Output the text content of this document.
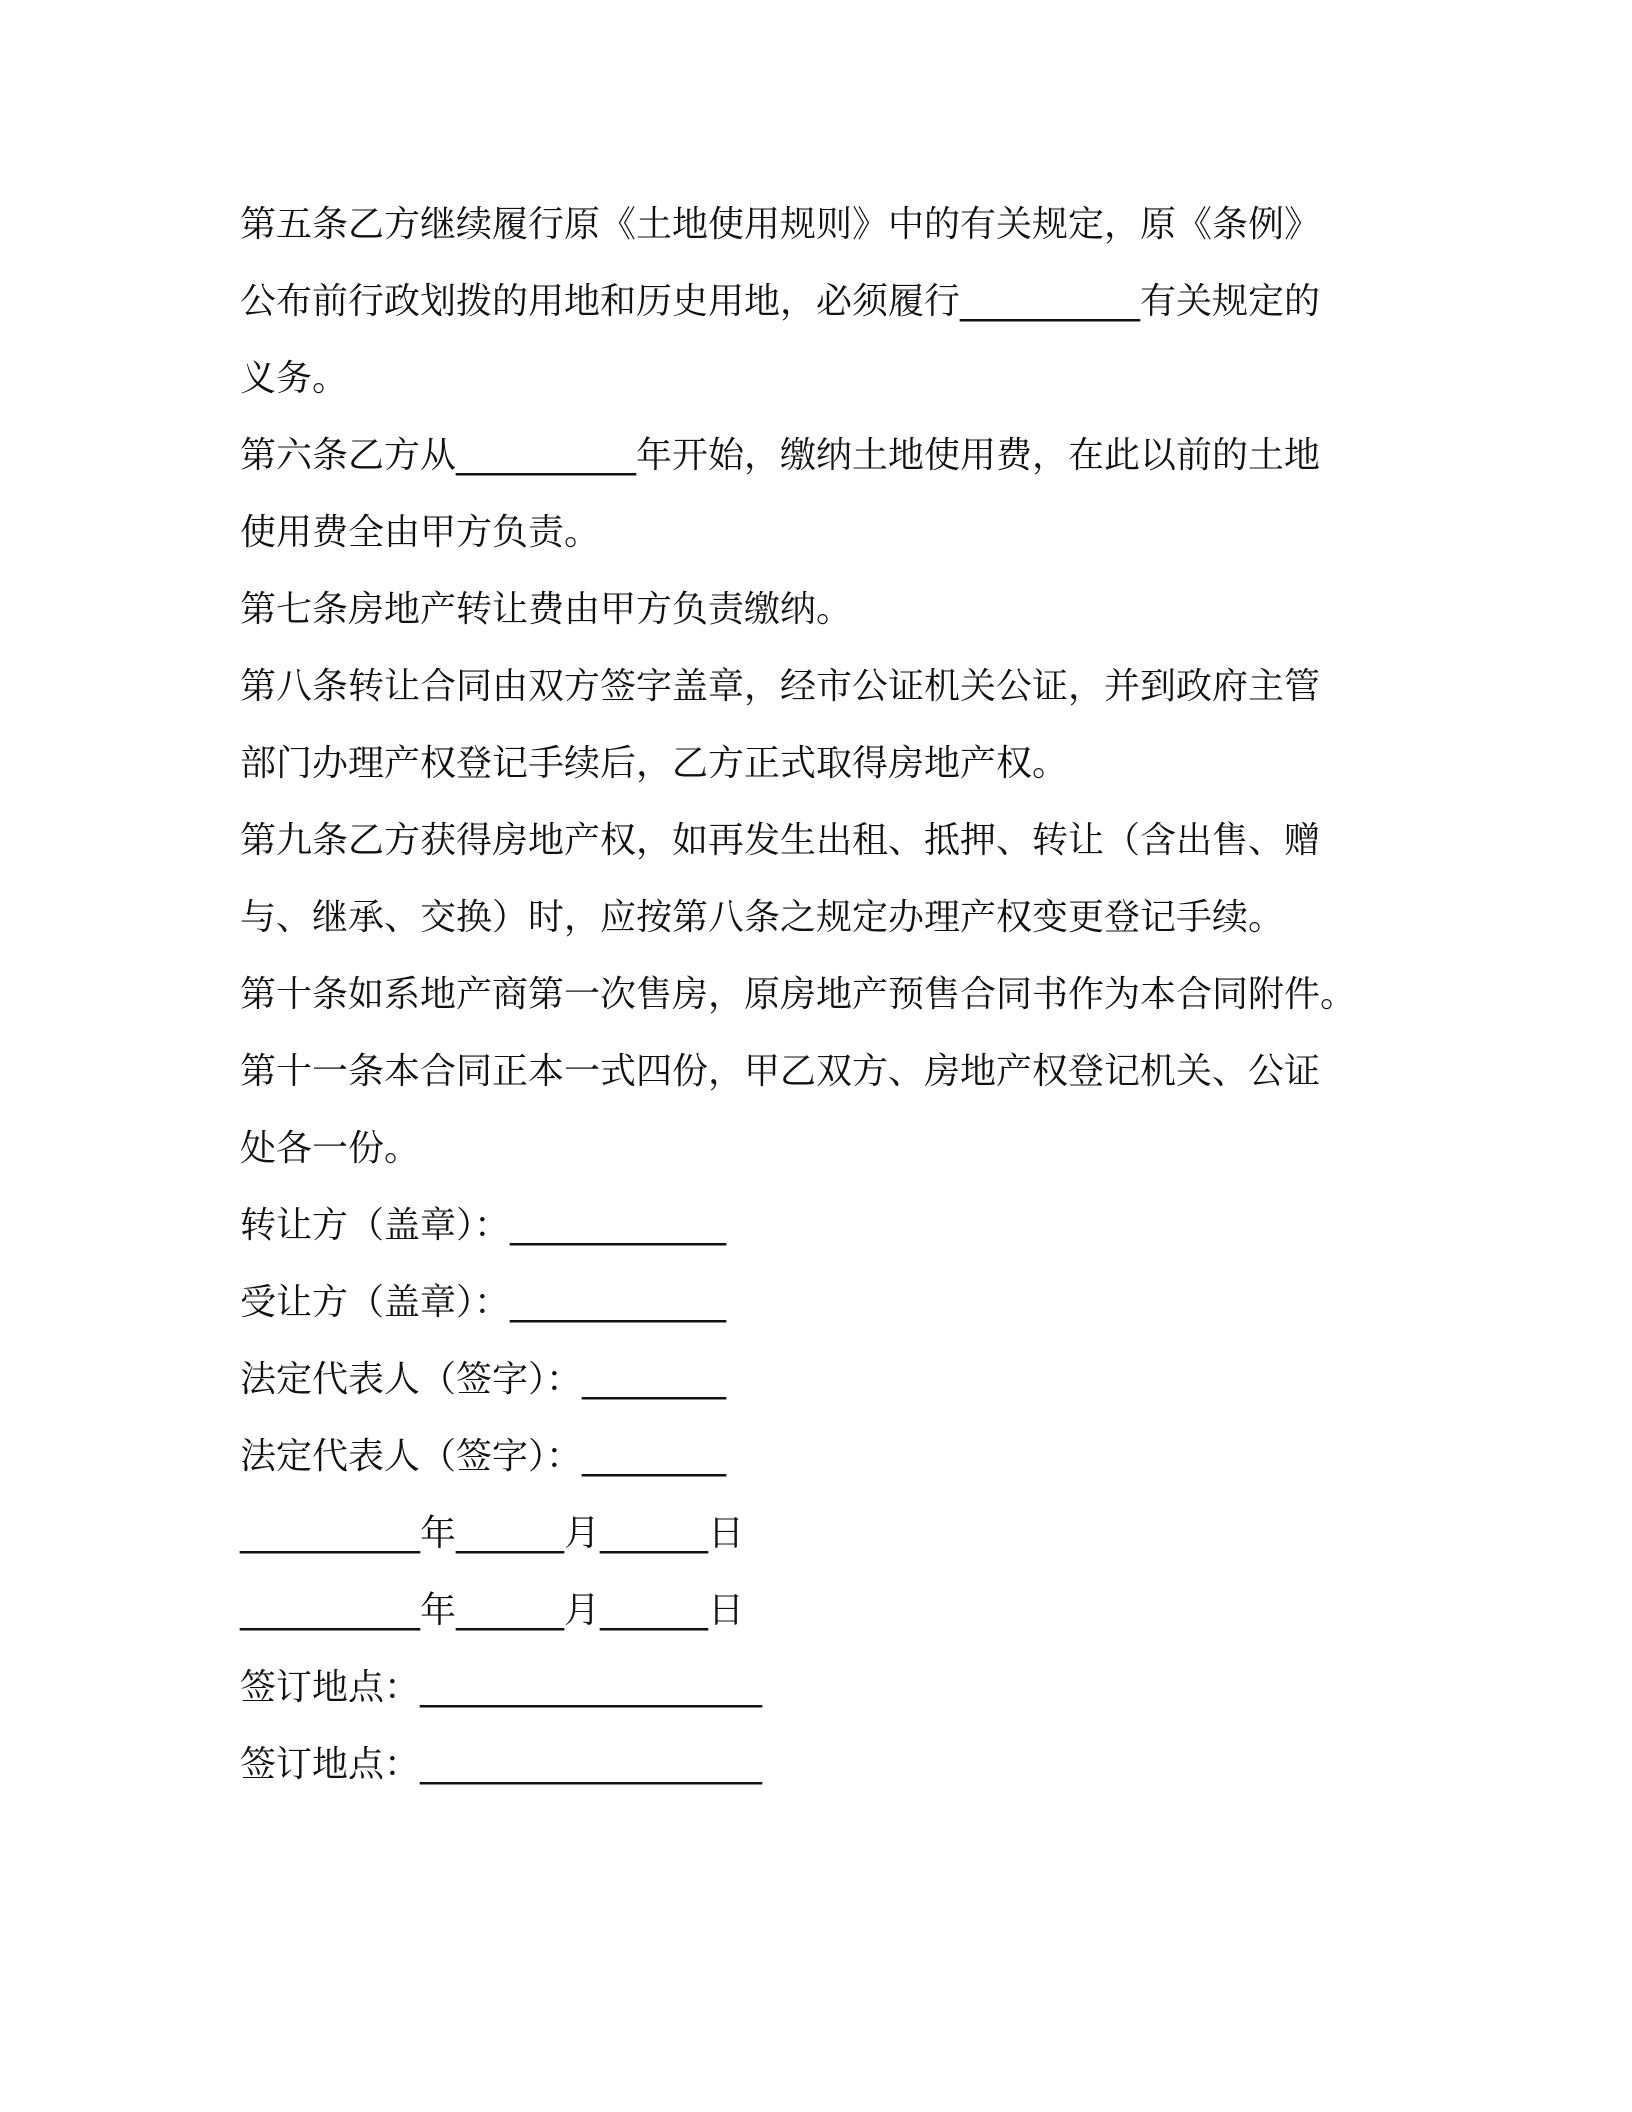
第五条乙方继续履行原《土地使用规则》中的有关规定，原《条例》
公布前行政划拨的用地和历史用地，必须履行__________有关规定的
义务。
第六条乙方从__________年开始，缴纳土地使用费，在此以前的土地
使用费全由甲方负责。
第七条房地产转让费由甲方负责缴纳。
第八条转让合同由双方签字盖章，经市公证机关公证，并到政府主管
部门办理产权登记手续后，乙方正式取得房地产权。
第九条乙方获得房地产权，如再发生出租、抵押、转让（含出售、赠
与、继承、交换）时，应按第八条之规定办理产权变更登记手续。
第十条如系地产商第一次售房，原房地产预售合同书作为本合同附件。
第十一条本合同正本一式四份，甲乙双方、房地产权登记机关、公证
处各一份。
转让方（盖章）：____________
受让方（盖章）：____________
法定代表人（签字）：________
法定代表人（签字）：________
__________年______月______日
__________年______月______日
签订地点：___________________
签订地点：___________________
